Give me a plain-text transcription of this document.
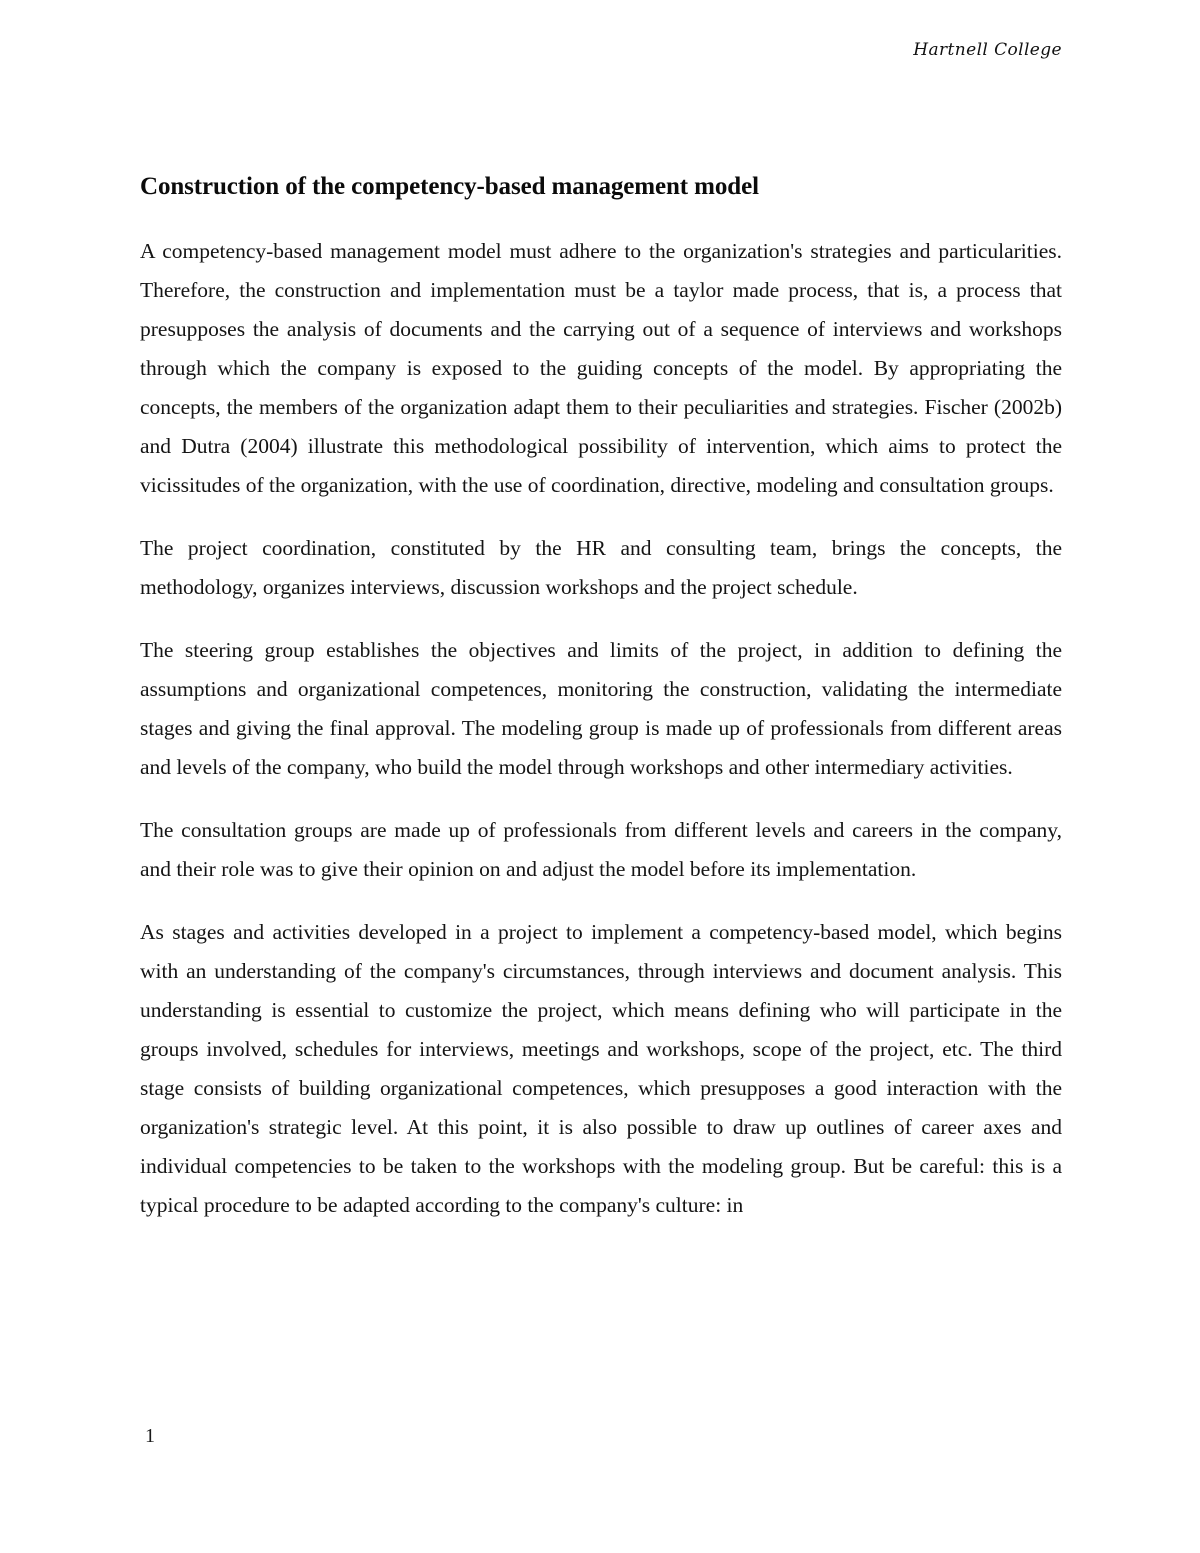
Hartnell College
Construction of the competency-based management model

A competency-based management model must adhere to the organization's strategies and particularities. Therefore, the construction and implementation must be a taylor made process, that is, a process that presupposes the analysis of documents and the carrying out of a sequence of interviews and workshops through which the company is exposed to the guiding concepts of the model. By appropriating the concepts, the members of the organization adapt them to their peculiarities and strategies. Fischer (2002b) and Dutra (2004) illustrate this methodological possibility of intervention, which aims to protect the vicissitudes of the organization, with the use of coordination, directive, modeling and consultation groups.

The project coordination, constituted by the HR and consulting team, brings the concepts, the methodology, organizes interviews, discussion workshops and the project schedule.

The steering group establishes the objectives and limits of the project, in addition to defining the assumptions and organizational competences, monitoring the construction, validating the intermediate stages and giving the final approval. The modeling group is made up of professionals from different areas and levels of the company, who build the model through workshops and other intermediary activities.

The consultation groups are made up of professionals from different levels and careers in the company, and their role was to give their opinion on and adjust the model before its implementation.

As stages and activities developed in a project to implement a competency-based model, which begins with an understanding of the company's circumstances, through interviews and document analysis. This understanding is essential to customize the project, which means defining who will participate in the groups involved, schedules for interviews, meetings and workshops, scope of the project, etc. The third stage consists of building organizational competences, which presupposes a good interaction with the organization's strategic level. At this point, it is also possible to draw up outlines of career axes and individual competencies to be taken to the workshops with the modeling group. But be careful: this is a typical procedure to be adapted according to the company's culture: in

1
